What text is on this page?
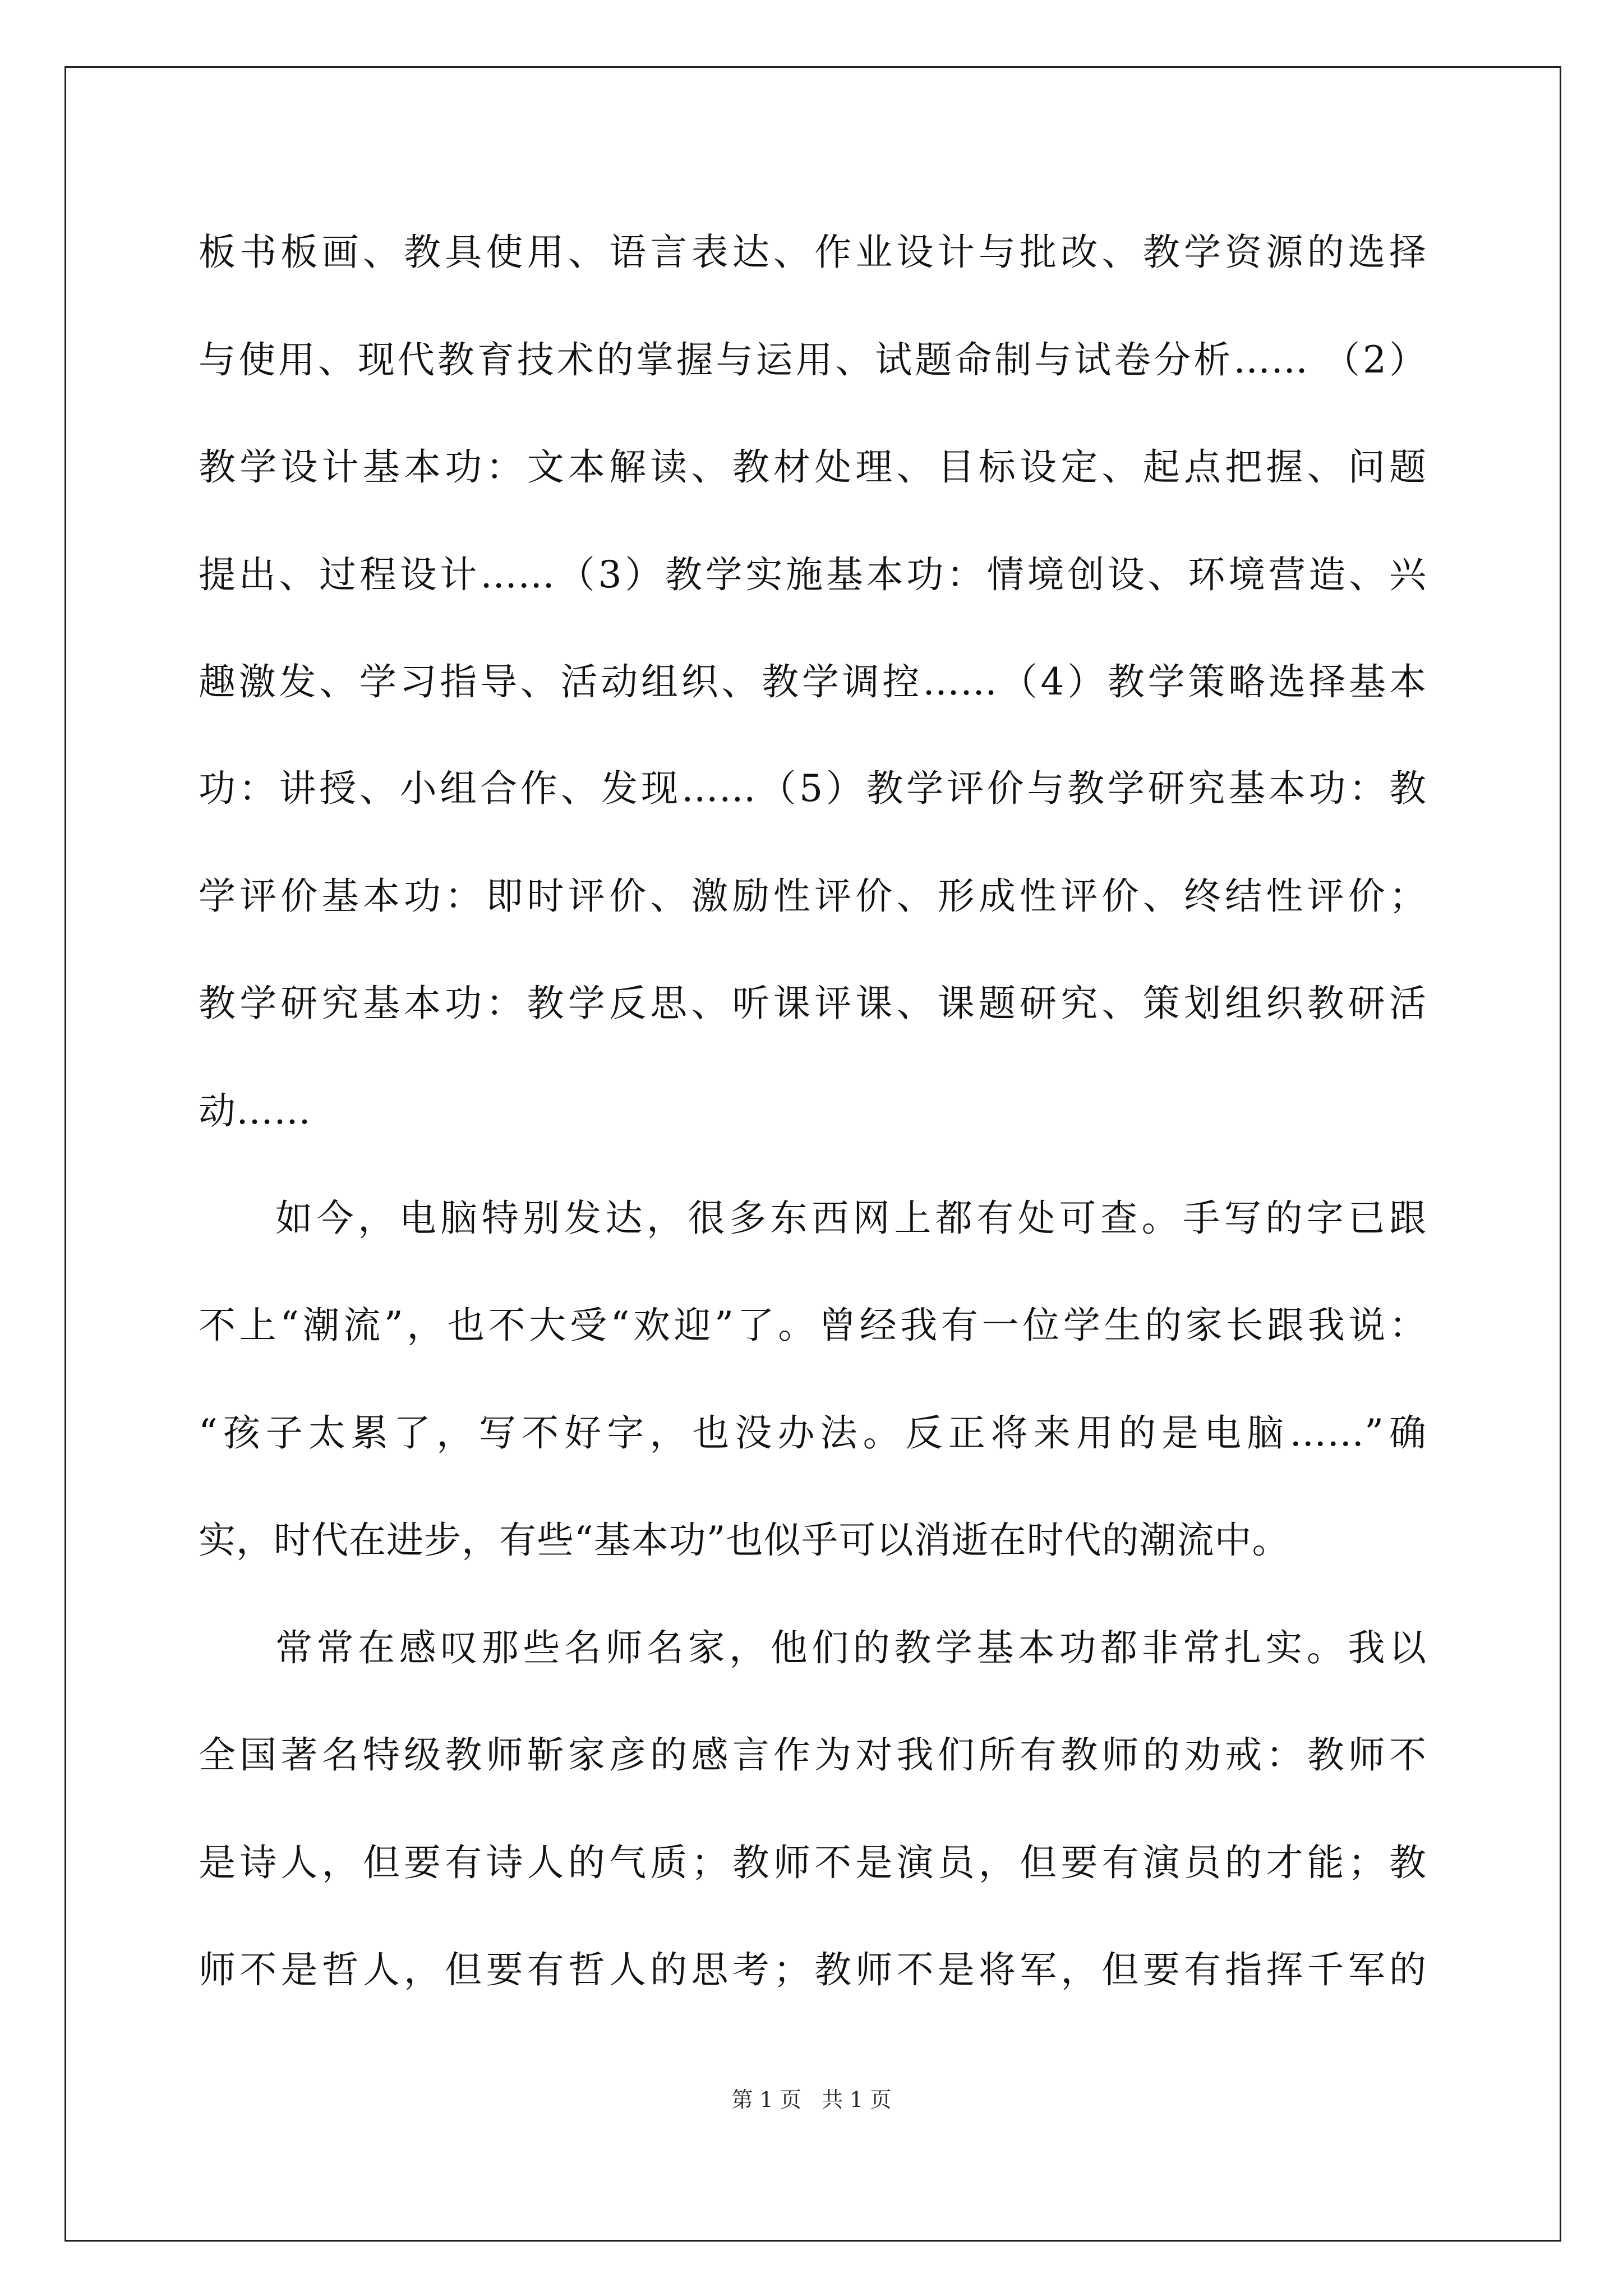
板书板画、教具使用、语言表达、作业设计与批改、教学资源的选择
与使用、现代教育技术的掌握与运用、试题命制与试卷分析…… （2）
教学设计基本功：文本解读、教材处理、目标设定、起点把握、问题
提出、过程设计……（3）教学实施基本功：情境创设、环境营造、兴
趣激发、学习指导、活动组织、教学调控……（4）教学策略选择基本
功：讲授、小组合作、发现……（5）教学评价与教学研究基本功：教
学评价基本功：即时评价、激励性评价、形成性评价、终结性评价；
教学研究基本功：教学反思、听课评课、课题研究、策划组织教研活
动……
如今，电脑特别发达，很多东西网上都有处可查。手写的字已跟
不上“潮流”，也不大受“欢迎”了。曾经我有一位学生的家长跟我说：
“孩子太累了，写不好字，也没办法。反正将来用的是电脑……”确
实，时代在进步，有些“基本功”也似乎可以消逝在时代的潮流中。
常常在感叹那些名师名家，他们的教学基本功都非常扎实。我以
全国著名特级教师靳家彦的感言作为对我们所有教师的劝戒：教师不
是诗人，但要有诗人的气质；教师不是演员，但要有演员的才能；教
师不是哲人，但要有哲人的思考；教师不是将军，但要有指挥千军的
第 1 页   共 1 页
